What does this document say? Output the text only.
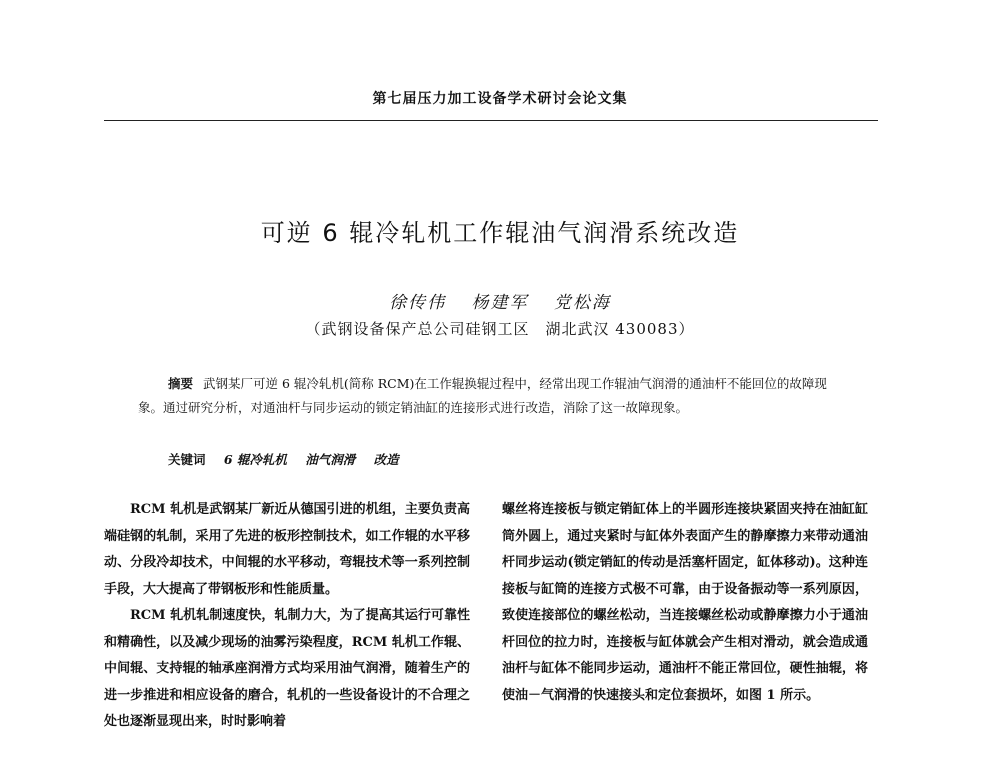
第七届压力加工设备学术研讨会论文集
可逆 6 辊冷轧机工作辊油气润滑系统改造
徐传伟 杨建军 党松海
（武钢设备保产总公司硅钢工区　湖北武汉 430083）
摘要 武钢某厂可逆 6 辊冷轧机(简称 RCM)在工作辊换辊过程中，经常出现工作辊油气润滑的通油杆不能回位的故障现象。通过研究分析，对通油杆与同步运动的锁定销油缸的连接形式进行改造，消除了这一故障现象。
关键词 6 辊冷轧机 油气润滑 改造

RCM 轧机是武钢某厂新近从德国引进的机组，主要负责高端硅钢的轧制，采用了先进的板形控制技术，如工作辊的水平移动、分段冷却技术，中间辊的水平移动，弯辊技术等一系列控制手段，大大提高了带钢板形和性能质量。

RCM 轧机轧制速度快，轧制力大，为了提高其运行可靠性和精确性，以及减少现场的油雾污染程度，RCM 轧机工作辊、中间辊、支持辊的轴承座润滑方式均采用油气润滑，随着生产的进一步推进和相应设备的磨合，轧机的一些设备设计的不合理之处也逐渐显现出来，时时影响着

螺丝将连接板与锁定销缸体上的半圆形连接块紧固夹持在油缸缸筒外圆上，通过夹紧时与缸体外表面产生的静摩擦力来带动通油杆同步运动(锁定销缸的传动是活塞杆固定，缸体移动)。这种连接板与缸筒的连接方式极不可靠，由于设备振动等一系列原因，致使连接部位的螺丝松动，当连接螺丝松动或静摩擦力小于通油杆回位的拉力时，连接板与缸体就会产生相对滑动，就会造成通油杆与缸体不能同步运动，通油杆不能正常回位，硬性抽辊，将使油－气润滑的快速接头和定位套损坏，如图 1 所示。
